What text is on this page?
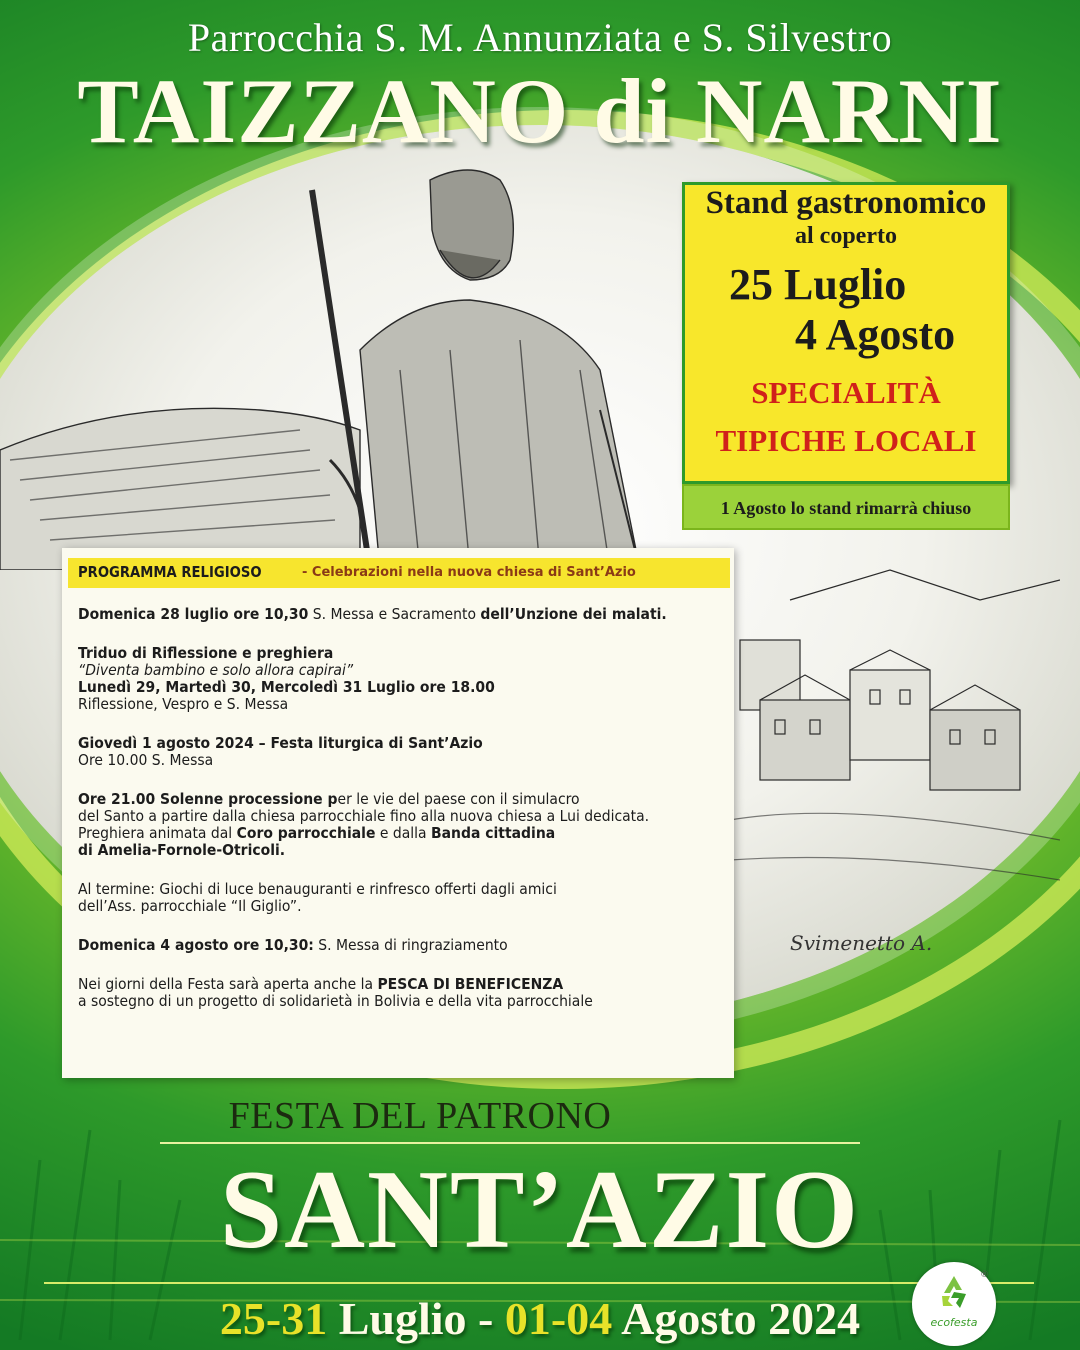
Svimenetto A.
Parrocchia S. M. Annunziata e S. Silvestro
TAIZZANO di NARNI
Stand gastronomico
al coperto
25 Luglio
4 Agosto
SPECIALITÀ
TIPICHE LOCALI
1 Agosto lo stand rimarrà chiuso
PROGRAMMA RELIGIOSO	- Celebrazioni nella nuova chiesa di Sant’Azio

Domenica 28 luglio ore 10,30 S. Messa e Sacramento dell’Unzione dei malati.

Triduo di Riflessione e preghiera
“Diventa bambino e solo allora capirai”
Lunedì 29, Martedì 30, Mercoledì 31 Luglio ore 18.00
Riflessione, Vespro e S. Messa

Giovedì 1 agosto 2024 – Festa liturgica di Sant’Azio
Ore 10.00 S. Messa

Ore 21.00 Solenne processione per le vie del paese con il simulacro
del Santo a partire dalla chiesa parrocchiale fino alla nuova chiesa a Lui dedicata.
Preghiera animata dal Coro parrocchiale e dalla Banda cittadina
di Amelia-Fornole-Otricoli.

Al termine: Giochi di luce benauguranti e rinfresco offerti dagli amici
dell’Ass. parrocchiale “Il Giglio”.

Domenica 4 agosto ore 10,30: S. Messa di ringraziamento

Nei giorni della Festa sarà aperta anche la PESCA DI BENEFICENZA
a sostegno di un progetto di solidarietà in Bolivia e della vita parrocchiale

FESTA DEL PATRONO
SANT’AZIO
25-31 Luglio - 01-04 Agosto 2024
®
ecofesta
